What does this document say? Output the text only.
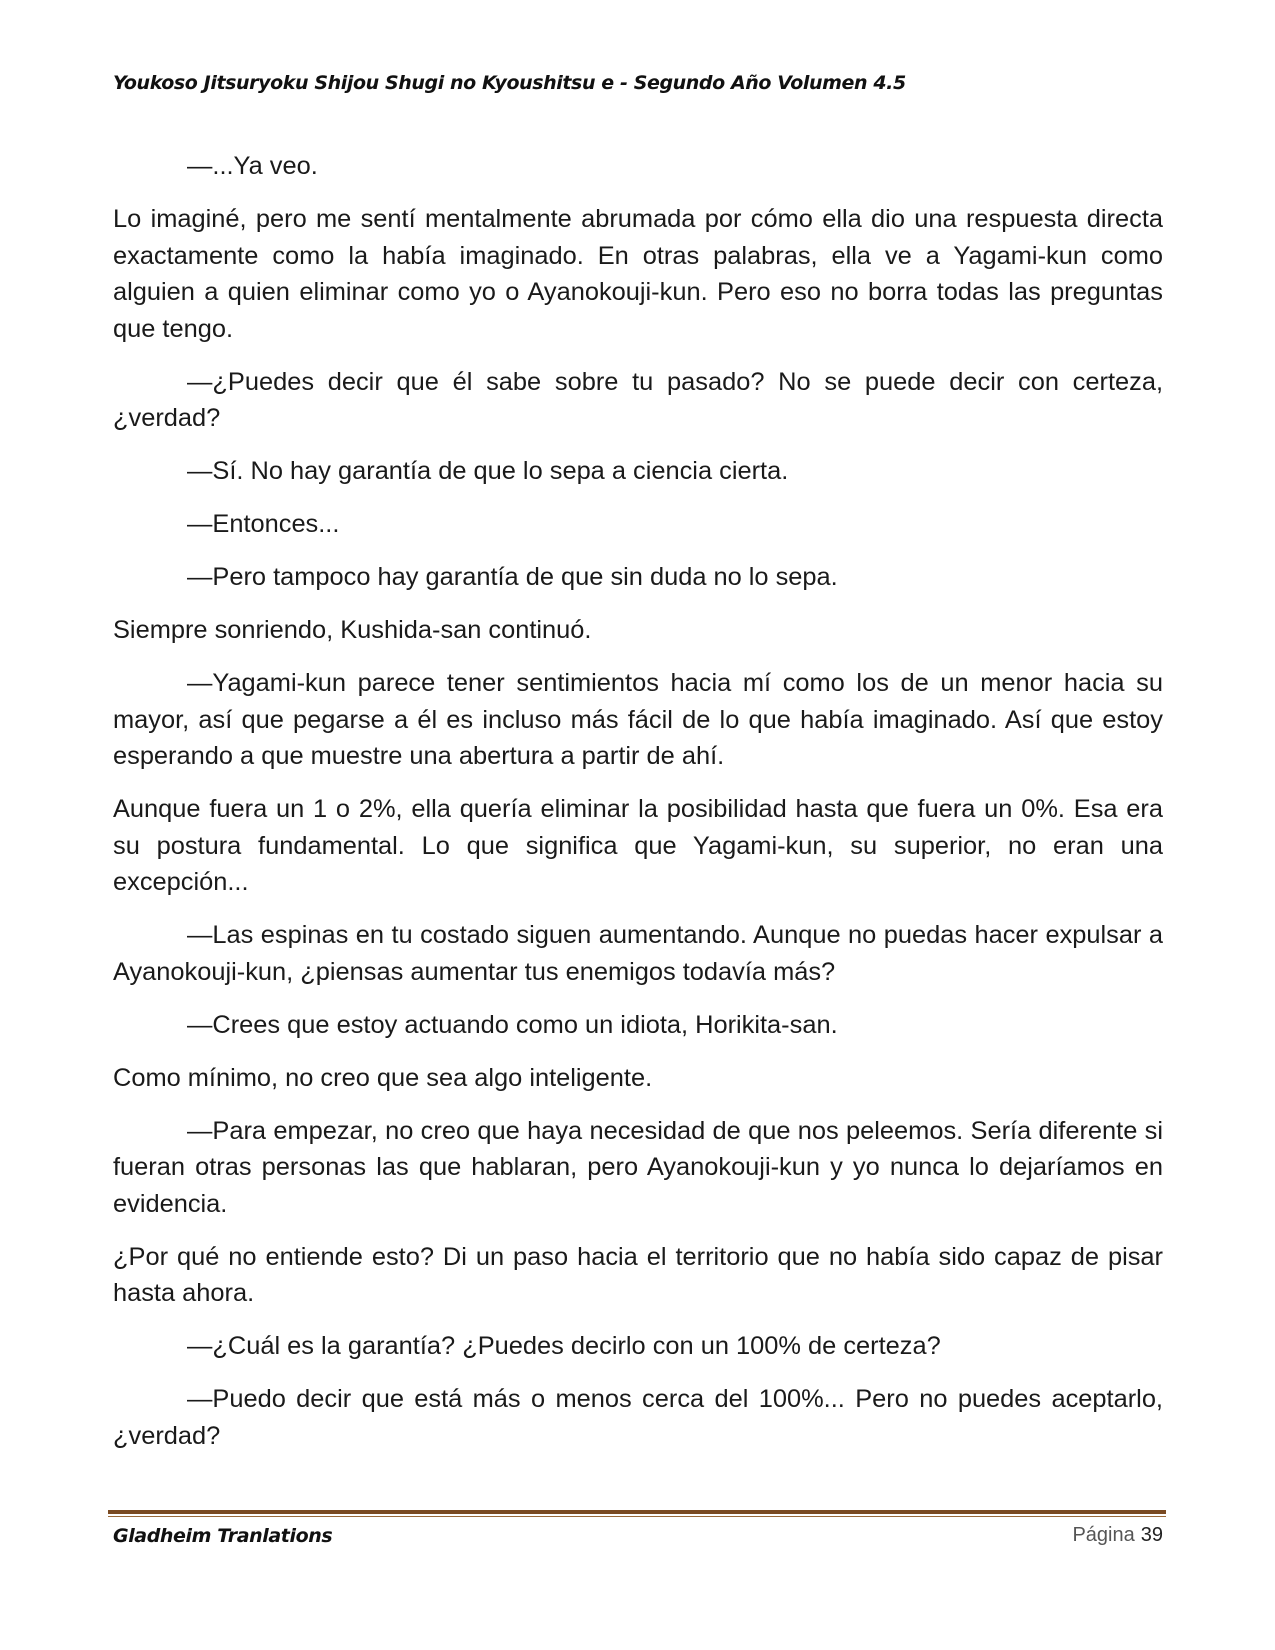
Youkoso Jitsuryoku Shijou Shugi no Kyoushitsu e - Segundo Año Volumen 4.5

—...Ya veo.

Lo imaginé, pero me sentí mentalmente abrumada por cómo ella dio una respuesta directa exactamente como la había imaginado. En otras palabras, ella ve a Yagami-kun como alguien a quien eliminar como yo o Ayanokouji-kun. Pero eso no borra todas las preguntas que tengo.

—¿Puedes decir que él sabe sobre tu pasado? No se puede decir con certeza, ¿verdad?

—Sí. No hay garantía de que lo sepa a ciencia cierta.

—Entonces...

—Pero tampoco hay garantía de que sin duda no lo sepa.

Siempre sonriendo, Kushida-san continuó.

—Yagami-kun parece tener sentimientos hacia mí como los de un menor hacia su mayor, así que pegarse a él es incluso más fácil de lo que había imaginado. Así que estoy esperando a que muestre una abertura a partir de ahí.

Aunque fuera un 1 o 2%, ella quería eliminar la posibilidad hasta que fuera un 0%. Esa era su postura fundamental. Lo que significa que Yagami-kun, su superior, no eran una excepción...

—Las espinas en tu costado siguen aumentando. Aunque no puedas hacer expulsar a Ayanokouji-kun, ¿piensas aumentar tus enemigos todavía más?

—Crees que estoy actuando como un idiota, Horikita-san.

Como mínimo, no creo que sea algo inteligente.

—Para empezar, no creo que haya necesidad de que nos peleemos. Sería diferente si fueran otras personas las que hablaran, pero Ayanokouji-kun y yo nunca lo dejaríamos en evidencia.

¿Por qué no entiende esto? Di un paso hacia el territorio que no había sido capaz de pisar hasta ahora.

—¿Cuál es la garantía? ¿Puedes decirlo con un 100% de certeza?

—Puedo decir que está más o menos cerca del 100%... Pero no puedes aceptarlo, ¿verdad?

Gladheim Tranlations	Página 39
